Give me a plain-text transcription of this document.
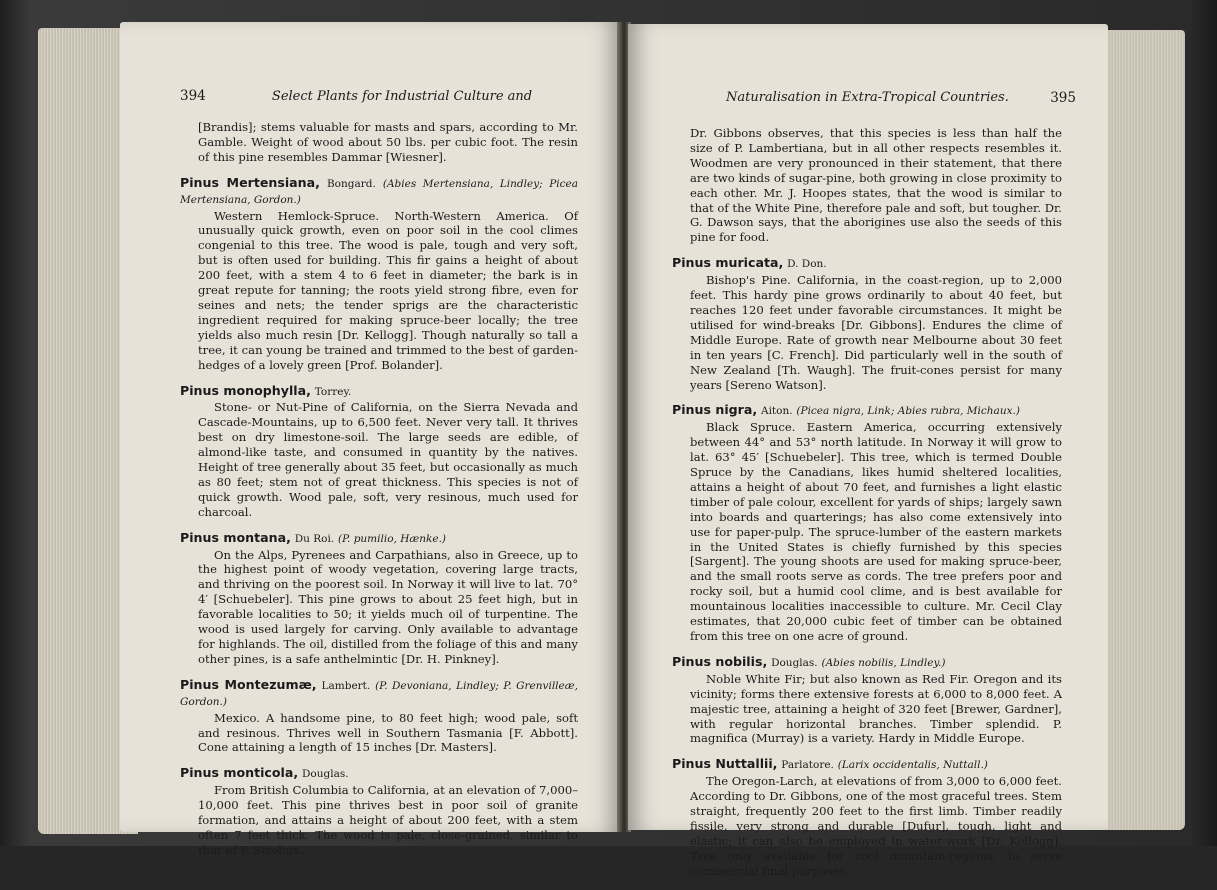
394	Select Plants for Industrial Culture and

[Brandis]; stems valuable for masts and spars, according to Mr. Gamble. Weight of wood about 50 lbs. per cubic foot. The resin of this pine resembles Dammar [Wiesner].

Pinus Mertensiana, Bongard. (Abies Mertensiana, Lindley; Picea Mertensiana, Gordon.)

Western Hemlock-Spruce. North-Western America. Of unusually quick growth, even on poor soil in the cool climes congenial to this tree. The wood is pale, tough and very soft, but is often used for building. This fir gains a height of about 200 feet, with a stem 4 to 6 feet in diameter; the bark is in great repute for tanning; the roots yield strong fibre, even for seines and nets; the tender sprigs are the characteristic ingredient required for making spruce-beer locally; the tree yields also much resin [Dr. Kellogg]. Though naturally so tall a tree, it can young be trained and trimmed to the best of garden-hedges of a lovely green [Prof. Bolander].

Pinus monophylla, Torrey.

Stone- or Nut-Pine of California, on the Sierra Nevada and Cascade-Mountains, up to 6,500 feet. Never very tall. It thrives best on dry limestone-soil. The large seeds are edible, of almond-like taste, and consumed in quantity by the natives. Height of tree generally about 35 feet, but occasionally as much as 80 feet; stem not of great thickness. This species is not of quick growth. Wood pale, soft, very resinous, much used for charcoal.

Pinus montana, Du Roi. (P. pumilio, Hænke.)

On the Alps, Pyrenees and Carpathians, also in Greece, up to the highest point of woody vegetation, covering large tracts, and thriving on the poorest soil. In Norway it will live to lat. 70° 4′ [Schuebeler]. This pine grows to about 25 feet high, but in favorable localities to 50; it yields much oil of turpentine. The wood is used largely for carving. Only available to advantage for highlands. The oil, distilled from the foliage of this and many other pines, is a safe anthelmintic [Dr. H. Pinkney].

Pinus Montezumæ, Lambert. (P. Devoniana, Lindley; P. Grenvilleæ, Gordon.)

Mexico. A handsome pine, to 80 feet high; wood pale, soft and resinous. Thrives well in Southern Tasmania [F. Abbott]. Cone attaining a length of 15 inches [Dr. Masters].

Pinus monticola, Douglas.

From British Columbia to California, at an elevation of 7,000–10,000 feet. This pine thrives best in poor soil of granite formation, and attains a height of about 200 feet, with a stem often 7 feet thick. The wood is pale, close-grained, similar to that of P. Strobus.

Naturalisation in Extra-Tropical Countries.	395

Dr. Gibbons observes, that this species is less than half the size of P. Lambertiana, but in all other respects resembles it. Woodmen are very pronounced in their statement, that there are two kinds of sugar-pine, both growing in close proximity to each other. Mr. J. Hoopes states, that the wood is similar to that of the White Pine, therefore pale and soft, but tougher. Dr. G. Dawson says, that the aborigines use also the seeds of this pine for food.

Pinus muricata, D. Don.

Bishop's Pine. California, in the coast-region, up to 2,000 feet. This hardy pine grows ordinarily to about 40 feet, but reaches 120 feet under favorable circumstances. It might be utilised for wind-breaks [Dr. Gibbons]. Endures the clime of Middle Europe. Rate of growth near Melbourne about 30 feet in ten years [C. French]. Did particularly well in the south of New Zealand [Th. Waugh]. The fruit-cones persist for many years [Sereno Watson].

Pinus nigra, Aiton. (Picea nigra, Link; Abies rubra, Michaux.)

Black Spruce. Eastern America, occurring extensively between 44° and 53° north latitude. In Norway it will grow to lat. 63° 45′ [Schuebeler]. This tree, which is termed Double Spruce by the Canadians, likes humid sheltered localities, attains a height of about 70 feet, and furnishes a light elastic timber of pale colour, excellent for yards of ships; largely sawn into boards and quarterings; has also come extensively into use for paper-pulp. The spruce-lumber of the eastern markets in the United States is chiefly furnished by this species [Sargent]. The young shoots are used for making spruce-beer, and the small roots serve as cords. The tree prefers poor and rocky soil, but a humid cool clime, and is best available for mountainous localities inaccessible to culture. Mr. Cecil Clay estimates, that 20,000 cubic feet of timber can be obtained from this tree on one acre of ground.

Pinus nobilis, Douglas. (Abies nobilis, Lindley.)

Noble White Fir; but also known as Red Fir. Oregon and its vicinity; forms there extensive forests at 6,000 to 8,000 feet. A majestic tree, attaining a height of 320 feet [Brewer, Gardner], with regular horizontal branches. Timber splendid. P. magnifica (Murray) is a variety. Hardy in Middle Europe.

Pinus Nuttallii, Parlatore. (Larix occidentalis, Nuttall.)

The Oregon-Larch, at elevations of from 3,000 to 6,000 feet. According to Dr. Gibbons, one of the most graceful trees. Stem straight, frequently 200 feet to the first limb. Timber readily fissile, very strong and durable [Dufur], tough, light and elastic; it can also be employed in water-work [Dr. Kellogg]. Tree only available for cool mountain-regions, to serve commercial final purposes.
